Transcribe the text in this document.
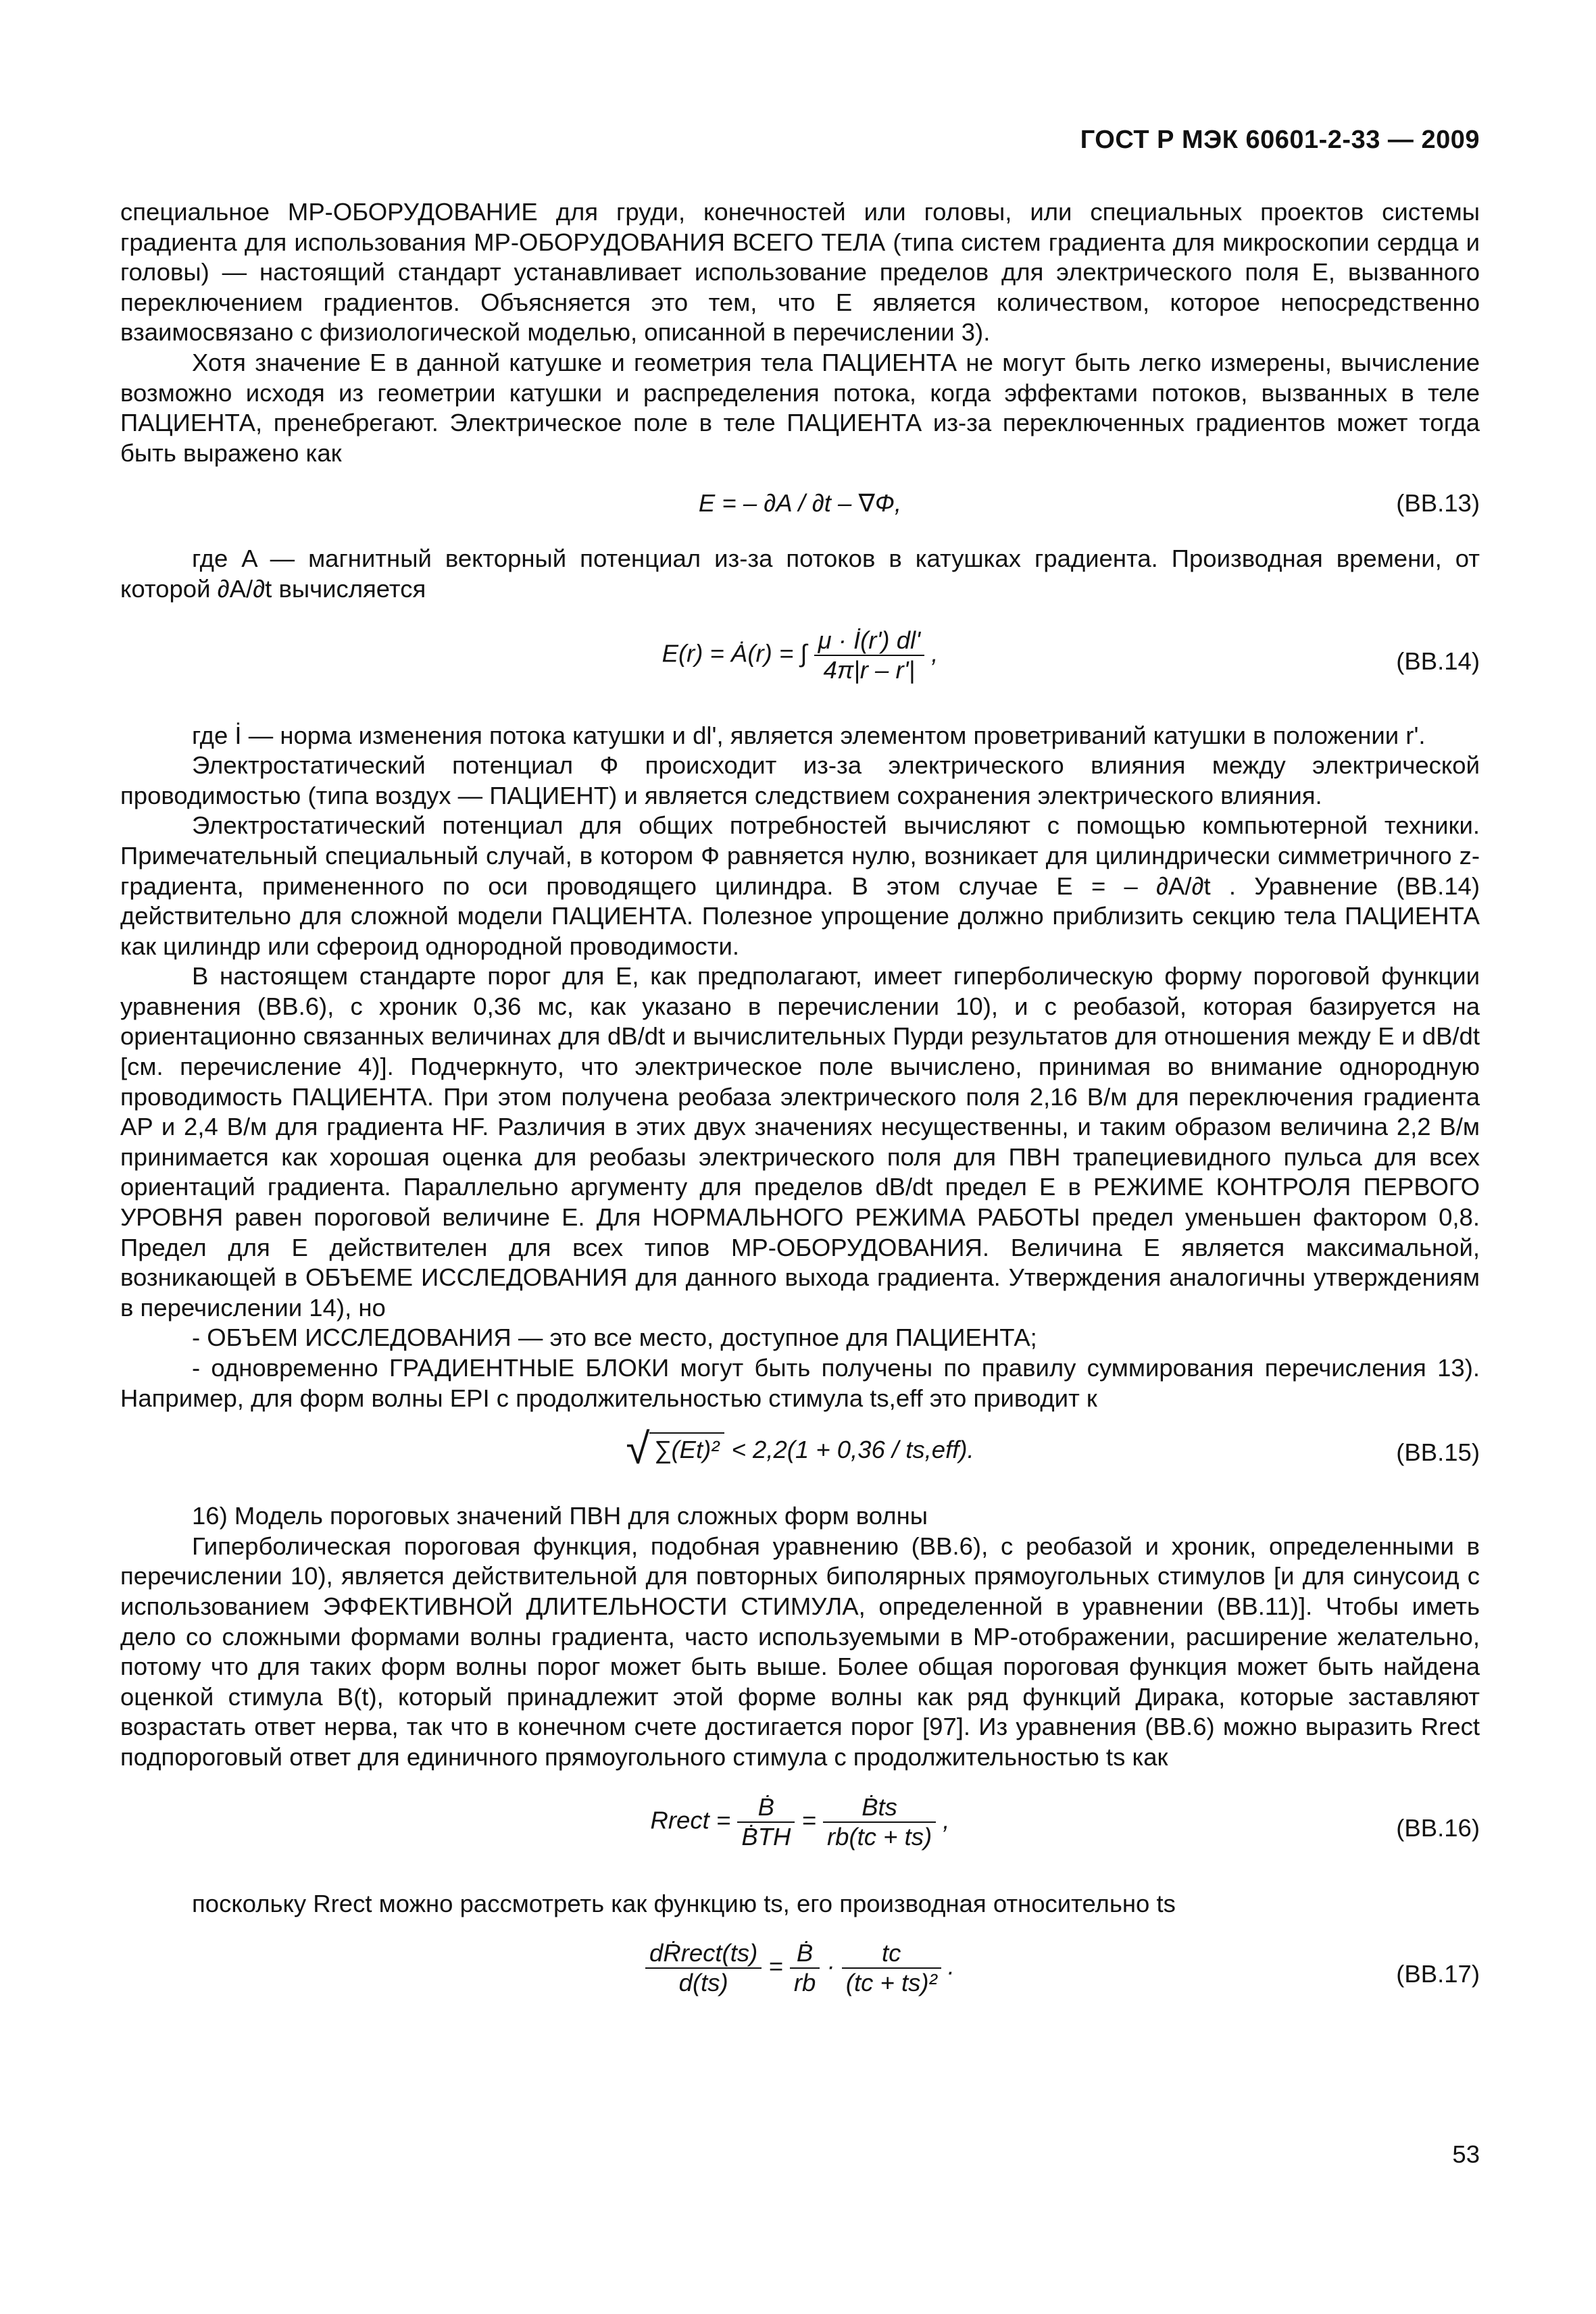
ГОСТ Р МЭК 60601-2-33 — 2009

специальное МР-ОБОРУДОВАНИЕ для груди, конечностей или головы, или специальных проектов системы градиента для использования МР-ОБОРУДОВАНИЯ ВСЕГО ТЕЛА (типа систем градиента для микроскопии сердца и головы) — настоящий стандарт устанавливает использование пределов для электрического поля E, вызванного переключением градиентов. Объясняется это тем, что E является количеством, которое непосредственно взаимосвязано с физиологической моделью, описанной в перечислении 3).

Хотя значение E в данной катушке и геометрия тела ПАЦИЕНТА не могут быть легко измерены, вычисление возможно исходя из геометрии катушки и распределения потока, когда эффектами потоков, вызванных в теле ПАЦИЕНТА, пренебрегают. Электрическое поле в теле ПАЦИЕНТА из-за переключенных градиентов может тогда быть выражено как

E = – ∂A / ∂t – ∇Ф,	(ВВ.13)

где A — магнитный векторный потенциал из-за потоков в катушках градиента. Производная времени, от которой ∂A/∂t вычисляется

E(r) = Ȧ(r) = ∫ $\frac{\mu \cdot İ(r') dl'}{4\pi|r - r'|}$ ,	(ВВ.14)

где İ — норма изменения потока катушки и dl', является элементом проветриваний катушки в положении r'.

Электростатический потенциал Ф происходит из-за электрического влияния между электрической проводимостью (типа воздух — ПАЦИЕНТ) и является следствием сохранения электрического влияния.

Электростатический потенциал для общих потребностей вычисляют с помощью компьютерной техники. Примечательный специальный случай, в котором Ф равняется нулю, возникает для цилиндрически симметричного z-градиента, примененного по оси проводящего цилиндра. В этом случае E = – ∂A/∂t . Уравнение (ВВ.14) действительно для сложной модели ПАЦИЕНТА. Полезное упрощение должно приблизить секцию тела ПАЦИЕНТА как цилиндр или сфероид однородной проводимости.

В настоящем стандарте порог для E, как предполагают, имеет гиперболическую форму пороговой функции уравнения (ВВ.6), с хроник 0,36 мс, как указано в перечислении 10), и с реобазой, которая базируется на ориентационно связанных величинах для dB/dt и вычислительных Пурди результатов для отношения между E и dB/dt [см. перечисление 4)]. Подчеркнуто, что электрическое поле вычислено, принимая во внимание однородную проводимость ПАЦИЕНТА. При этом получена реобаза электрического поля 2,16 В/м для переключения градиента AP и 2,4 В/м для градиента HF. Различия в этих двух значениях несущественны, и таким образом величина 2,2 В/м принимается как хорошая оценка для реобазы электрического поля для ПВН трапециевидного пульса для всех ориентаций градиента. Параллельно аргументу для пределов dB/dt предел E в РЕЖИМЕ КОНТРОЛЯ ПЕРВОГО УРОВНЯ равен пороговой величине E. Для НОРМАЛЬНОГО РЕЖИМА РАБОТЫ предел уменьшен фактором 0,8. Предел для E действителен для всех типов МР-ОБОРУДОВАНИЯ. Величина E является максимальной, возникающей в ОБЪЕМЕ ИССЛЕДОВАНИЯ для данного выхода градиента. Утверждения аналогичны утверждениям в перечислении 14), но

- ОБЪЕМ ИССЛЕДОВАНИЯ — это все место, доступное для ПАЦИЕНТА;

- одновременно ГРАДИЕНТНЫЕ БЛОКИ могут быть получены по правилу суммирования перечисления 13). Например, для форм волны EPI с продолжительностью стимула ts,eff это приводит к

√ ∑(Et)² < 2,2(1 + 0,36 / ts,eff).	(ВВ.15)

16) Модель пороговых значений ПВН для сложных форм волны

Гиперболическая пороговая функция, подобная уравнению (ВВ.6), с реобазой и хроник, определенными в перечислении 10), является действительной для повторных биполярных прямоугольных стимулов [и для синусоид с использованием ЭФФЕКТИВНОЙ ДЛИТЕЛЬНОСТИ СТИМУЛА, определенной в уравнении (ВВ.11)]. Чтобы иметь дело со сложными формами волны градиента, часто используемыми в МР-отображении, расширение желательно, потому что для таких форм волны порог может быть выше. Более общая пороговая функция может быть найдена оценкой стимула B(t), который принадлежит этой форме волны как ряд функций Дирака, которые заставляют возрастать ответ нерва, так что в конечном счете достигается порог [97]. Из уравнения (ВВ.6) можно выразить Rrect подпороговый ответ для единичного прямоугольного стимула с продолжительностью ts как

Rrect = $\frac{\text{Ḃ}}{\text{ḂTH}} = \frac{\text{Ḃts}}{rb(tc + ts)}$ ,	(ВВ.16)

поскольку Rrect можно рассмотреть как функцию ts, его производная относительно ts

$\frac{\text{dṘrect(ts)}}{d(ts)} = \frac{\text{Ḃ}}{rb} \cdot \frac{tc}{\text{(tc + ts)²}}$ .	(ВВ.17)
53
